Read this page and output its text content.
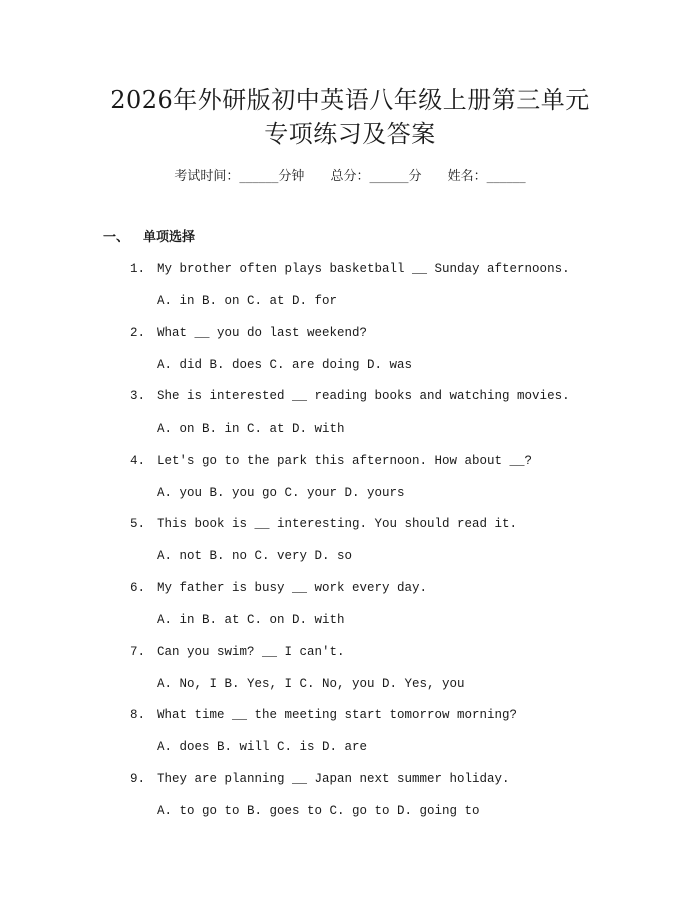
2026年外研版初中英语八年级上册第三单元
专项练习及答案
考试时间：______分钟 总分：______分 姓名：______
一、 单项选择
1. My brother often plays basketball __ Sunday afternoons.
A. in B. on C. at D. for
2. What __ you do last weekend?
A. did B. does C. are doing D. was
3. She is interested __ reading books and watching movies.
A. on B. in C. at D. with
4. Let's go to the park this afternoon. How about __?
A. you B. you go C. your D. yours
5. This book is __ interesting. You should read it.
A. not B. no C. very D. so
6. My father is busy __ work every day.
A. in B. at C. on D. with
7. Can you swim? __ I can't.
A. No, I B. Yes, I C. No, you D. Yes, you
8. What time __ the meeting start tomorrow morning?
A. does B. will C. is D. are
9. They are planning __ Japan next summer holiday.
A. to go to B. goes to C. go to D. going to
